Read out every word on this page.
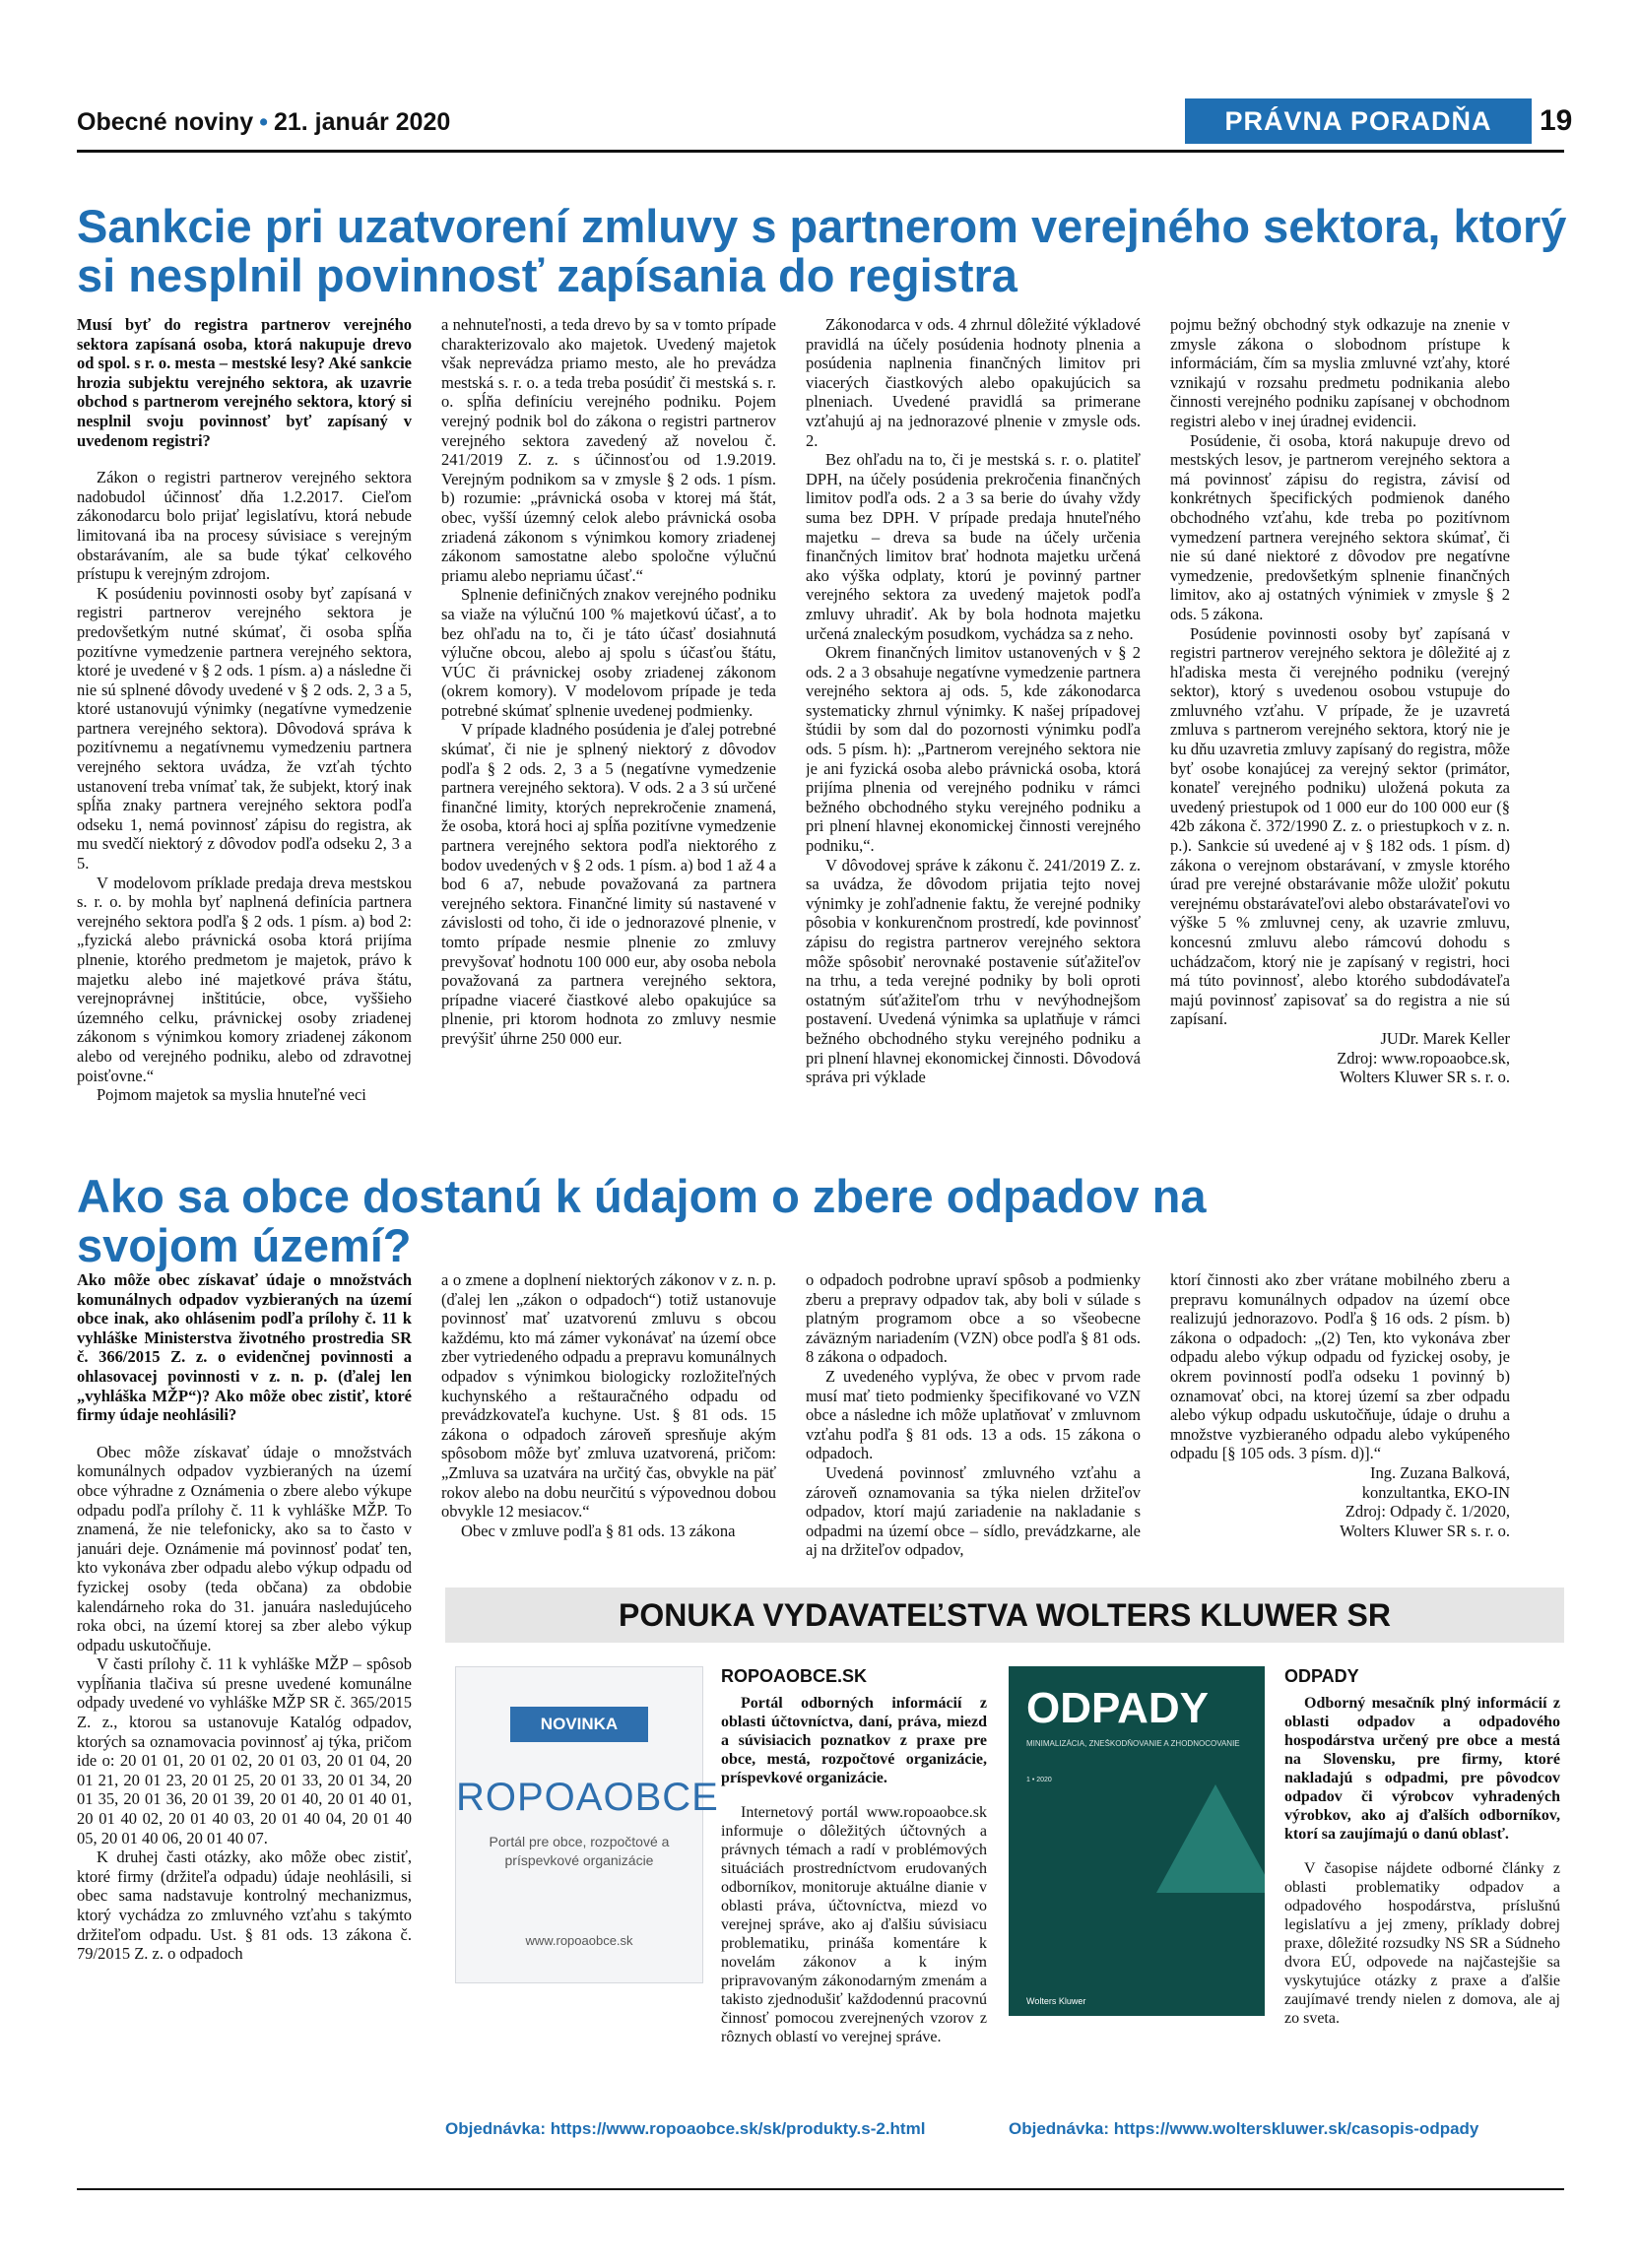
Obecné noviny • 21. január 2020	PRÁVNA PORADŇA	19
Sankcie pri uzatvorení zmluvy s partnerom verejného sektora, ktorý si nesplnil povinnosť zapísania do registra

Musí byť do registra partnerov verejného sektora zapísaná osoba, ktorá nakupuje drevo od spol. s r. o. mesta – mestské lesy? Aké sankcie hrozia subjektu verejného sektora, ak uzavrie obchod s partnerom verejného sektora, ktorý si nesplnil svoju povinnosť byť zapísaný v uvedenom registri?

Zákon o registri partnerov verejného sektora nadobudol účinnosť dňa 1.2.2017. Cieľom zákonodarcu bolo prijať legislatívu, ktorá nebude limitovaná iba na procesy súvisiace s verejným obstarávaním, ale sa bude týkať celkového prístupu k verejným zdrojom.

K posúdeniu povinnosti osoby byť zapísaná v registri partnerov verejného sektora je predovšetkým nutné skúmať, či osoba spĺňa pozitívne vymedzenie partnera verejného sektora, ktoré je uvedené v § 2 ods. 1 písm. a) a následne či nie sú splnené dôvody uvedené v § 2 ods. 2, 3 a 5, ktoré ustanovujú výnimky (negatívne vymedzenie partnera verejného sektora). Dôvodová správa k pozitívnemu a negatívnemu vymedzeniu partnera verejného sektora uvádza, že vzťah týchto ustanovení treba vnímať tak, že subjekt, ktorý inak spĺňa znaky partnera verejného sektora podľa odseku 1, nemá povinnosť zápisu do registra, ak mu svedčí niektorý z dôvodov podľa odseku 2, 3 a 5.

V modelovom príklade predaja dreva mestskou s. r. o. by mohla byť naplnená definícia partnera verejného sektora podľa § 2 ods. 1 písm. a) bod 2: „fyzická alebo právnická osoba ktorá prijíma plnenie, ktorého predmetom je majetok, právo k majetku alebo iné majetkové práva štátu, verejnoprávnej inštitúcie, obce, vyššieho územného celku, právnickej osoby zriadenej zákonom s výnimkou komory zriadenej zákonom alebo od verejného podniku, alebo od zdravotnej poisťovne.“

Pojmom majetok sa myslia hnuteľné veci

a nehnuteľnosti, a teda drevo by sa v tomto prípade charakterizovalo ako majetok. Uvedený majetok však neprevádza priamo mesto, ale ho prevádza mestská s. r. o. a teda treba posúdiť či mestská s. r. o. spĺňa definíciu verejného podniku. Pojem verejný podnik bol do zákona o registri partnerov verejného sektora zavedený až novelou č. 241/2019 Z. z. s účinnosťou od 1.9.2019. Verejným podnikom sa v zmysle § 2 ods. 1 písm. b) rozumie: „právnická osoba v ktorej má štát, obec, vyšší územný celok alebo právnická osoba zriadená zákonom s výnimkou komory zriadenej zákonom samostatne alebo spoločne výlučnú priamu alebo nepriamu účasť.“

Splnenie definičných znakov verejného podniku sa viaže na výlučnú 100 % majetkovú účasť, a to bez ohľadu na to, či je táto účasť dosiahnutá výlučne obcou, alebo aj spolu s účasťou štátu, VÚC či právnickej osoby zriadenej zákonom (okrem komory). V modelovom prípade je teda potrebné skúmať splnenie uvedenej podmienky.

V prípade kladného posúdenia je ďalej potrebné skúmať, či nie je splnený niektorý z dôvodov podľa § 2 ods. 2, 3 a 5 (negatívne vymedzenie partnera verejného sektora). V ods. 2 a 3 sú určené finančné limity, ktorých neprekročenie znamená, že osoba, ktorá hoci aj spĺňa pozitívne vymedzenie partnera verejného sektora podľa niektorého z bodov uvedených v § 2 ods. 1 písm. a) bod 1 až 4 a bod 6 a7, nebude považovaná za partnera verejného sektora. Finančné limity sú nastavené v závislosti od toho, či ide o jednorazové plnenie, v tomto prípade nesmie plnenie zo zmluvy prevyšovať hodnotu 100 000 eur, aby osoba nebola považovaná za partnera verejného sektora, prípadne viaceré čiastkové alebo opakujúce sa plnenie, pri ktorom hodnota zo zmluvy nesmie prevýšiť úhrne 250 000 eur.

Zákonodarca v ods. 4 zhrnul dôležité výkladové pravidlá na účely posúdenia hodnoty plnenia a posúdenia naplnenia finančných limitov pri viacerých čiastkových alebo opakujúcich sa plneniach. Uvedené pravidlá sa primerane vzťahujú aj na jednorazové plnenie v zmysle ods. 2.

Bez ohľadu na to, či je mestská s. r. o. platiteľ DPH, na účely posúdenia prekročenia finančných limitov podľa ods. 2 a 3 sa berie do úvahy vždy suma bez DPH. V prípade predaja hnuteľného majetku – dreva sa bude na účely určenia finančných limitov brať hodnota majetku určená ako výška odplaty, ktorú je povinný partner verejného sektora za uvedený majetok podľa zmluvy uhradiť. Ak by bola hodnota majetku určená znaleckým posudkom, vychádza sa z neho.

Okrem finančných limitov ustanovených v § 2 ods. 2 a 3 obsahuje negatívne vymedzenie partnera verejného sektora aj ods. 5, kde zákonodarca systematicky zhrnul výnimky. K našej prípadovej štúdii by som dal do pozornosti výnimku podľa ods. 5 písm. h): „Partnerom verejného sektora nie je ani fyzická osoba alebo právnická osoba, ktorá prijíma plnenia od verejného podniku v rámci bežného obchodného styku verejného podniku a pri plnení hlavnej ekonomickej činnosti verejného podniku,“.

V dôvodovej správe k zákonu č. 241/2019 Z. z. sa uvádza, že dôvodom prijatia tejto novej výnimky je zohľadnenie faktu, že verejné podniky pôsobia v konkurenčnom prostredí, kde povinnosť zápisu do registra partnerov verejného sektora môže spôsobiť nerovnaké postavenie súťažiteľov na trhu, a teda verejné podniky by boli oproti ostatným súťažiteľom trhu v nevýhodnejšom postavení. Uvedená výnimka sa uplatňuje v rámci bežného obchodného styku verejného podniku a pri plnení hlavnej ekonomickej činnosti. Dôvodová správa pri výklade

pojmu bežný obchodný styk odkazuje na znenie v zmysle zákona o slobodnom prístupe k informáciám, čím sa myslia zmluvné vzťahy, ktoré vznikajú v rozsahu predmetu podnikania alebo činnosti verejného podniku zapísanej v obchodnom registri alebo v inej úradnej evidencii.

Posúdenie, či osoba, ktorá nakupuje drevo od mestských lesov, je partnerom verejného sektora a má povinnosť zápisu do registra, závisí od konkrétnych špecifických podmienok daného obchodného vzťahu, kde treba po pozitívnom vymedzení partnera verejného sektora skúmať, či nie sú dané niektoré z dôvodov pre negatívne vymedzenie, predovšetkým splnenie finančných limitov, ako aj ostatných výnimiek v zmysle § 2 ods. 5 zákona.

Posúdenie povinnosti osoby byť zapísaná v registri partnerov verejného sektora je dôležité aj z hľadiska mesta či verejného podniku (verejný sektor), ktorý s uvedenou osobou vstupuje do zmluvného vzťahu. V prípade, že je uzavretá zmluva s partnerom verejného sektora, ktorý nie je ku dňu uzavretia zmluvy zapísaný do registra, môže byť osobe konajúcej za verejný sektor (primátor, konateľ verejného podniku) uložená pokuta za uvedený priestupok od 1 000 eur do 100 000 eur (§ 42b zákona č. 372/1990 Z. z. o priestupkoch v z. n. p.). Sankcie sú uvedené aj v § 182 ods. 1 písm. d) zákona o verejnom obstarávaní, v zmysle ktorého úrad pre verejné obstarávanie môže uložiť pokutu verejnému obstarávateľovi alebo obstarávateľovi vo výške 5 % zmluvnej ceny, ak uzavrie zmluvu, koncesnú zmluvu alebo rámcovú dohodu s uchádzačom, ktorý nie je zapísaný v registri, hoci má túto povinnosť, alebo ktorého subdodávateľa majú povinnosť zapisovať sa do registra a nie sú zapísaní.

JUDr. Marek Keller

Zdroj: www.ropoaobce.sk,

Wolters Kluwer SR s. r. o.

Ako sa obce dostanú k údajom o zbere odpadov na svojom území?

Ako môže obec získavať údaje o množstvách komunálnych odpadov vyzbieraných na území obce inak, ako ohlásenim podľa prílohy č. 11 k vyhláške Ministerstva životného prostredia SR č. 366/2015 Z. z. o evidenčnej povinnosti a ohlasovacej povinnosti v z. n. p. (ďalej len „vyhláška MŽP“)? Ako môže obec zistiť, ktoré firmy údaje neohlásili?

Obec môže získavať údaje o množstvách komunálnych odpadov vyzbieraných na území obce výhradne z Oznámenia o zbere alebo výkupe odpadu podľa prílohy č. 11 k vyhláške MŽP. To znamená, že nie telefonicky, ako sa to často v januári deje. Oznámenie má povinnosť podať ten, kto vykonáva zber odpadu alebo výkup odpadu od fyzickej osoby (teda občana) za obdobie kalendárneho roka do 31. januára nasledujúceho roka obci, na území ktorej sa zber alebo výkup odpadu uskutočňuje.

V časti prílohy č. 11 k vyhláške MŽP – spôsob vypĺňania tlačiva sú presne uvedené komunálne odpady uvedené vo vyhláške MŽP SR č. 365/2015 Z. z., ktorou sa ustanovuje Katalóg odpadov, ktorých sa oznamovacia povinnosť aj týka, pričom ide o: 20 01 01, 20 01 02, 20 01 03, 20 01 04, 20 01 21, 20 01 23, 20 01 25, 20 01 33, 20 01 34, 20 01 35, 20 01 36, 20 01 39, 20 01 40, 20 01 40 01, 20 01 40 02, 20 01 40 03, 20 01 40 04, 20 01 40 05, 20 01 40 06, 20 01 40 07.

K druhej časti otázky, ako môže obec zistiť, ktoré firmy (držiteľa odpadu) údaje neohlásili, si obec sama nadstavuje kontrolný mechanizmus, ktorý vychádza zo zmluvného vzťahu s takýmto držiteľom odpadu. Ust. § 81 ods. 13 zákona č. 79/2015 Z. z. o odpadoch

a o zmene a doplnení niektorých zákonov v z. n. p. (ďalej len „zákon o odpadoch“) totiž ustanovuje povinnosť mať uzatvorenú zmluvu s obcou každému, kto má zámer vykonávať na území obce zber vytriedeného odpadu a prepravu komunálnych odpadov s výnimkou biologicky rozložiteľných kuchynského a reštauračného odpadu od prevádzkovateľa kuchyne. Ust. § 81 ods. 15 zákona o odpadoch zároveň spresňuje akým spôsobom môže byť zmluva uzatvorená, pričom: „Zmluva sa uzatvára na určitý čas, obvykle na päť rokov alebo na dobu neurčitú s výpovednou dobou obvykle 12 mesiacov.“

Obec v zmluve podľa § 81 ods. 13 zákona

o odpadoch podrobne upraví spôsob a podmienky zberu a prepravy odpadov tak, aby boli v súlade s platným programom obce a so všeobecne záväzným nariadením (VZN) obce podľa § 81 ods. 8 zákona o odpadoch.

Z uvedeného vyplýva, že obec v prvom rade musí mať tieto podmienky špecifikované vo VZN obce a následne ich môže uplatňovať v zmluvnom vzťahu podľa § 81 ods. 13 a ods. 15 zákona o odpadoch.

Uvedená povinnosť zmluvného vzťahu a zároveň oznamovania sa týka nielen držiteľov odpadov, ktorí majú zariadenie na nakladanie s odpadmi na území obce – sídlo, prevádzkarne, ale aj na držiteľov odpadov,

ktorí činnosti ako zber vrátane mobilného zberu a prepravu komunálnych odpadov na území obce realizujú jednorazovo. Podľa § 16 ods. 2 písm. b) zákona o odpadoch: „(2) Ten, kto vykonáva zber odpadu alebo výkup odpadu od fyzickej osoby, je okrem povinností podľa odseku 1 povinný b) oznamovať obci, na ktorej území sa zber odpadu alebo výkup odpadu uskutočňuje, údaje o druhu a množstve vyzbieraného odpadu alebo vykúpeného odpadu [§ 105 ods. 3 písm. d)].“

Ing. Zuzana Balková,

konzultantka, EKO-IN

Zdroj: Odpady č. 1/2020,

Wolters Kluwer SR s. r. o.

PONUKA VYDAVATEĽSTVA WOLTERS KLUWER SR
NOVINKA
ROPOAOBCE
Portál pre obce, rozpočtové a príspevkové organizácie
www.ropoaobce.sk
ROPOAOBCE.SK

Portál odborných informácií z oblasti účtovníctva, daní, práva, miezd a súvisiacich poznatkov z praxe pre obce, mestá, rozpočtové organizácie, príspevkové organizácie.

Internetový portál www.ropoaobce.sk informuje o dôležitých účtovných a právnych témach a radí v problémových situáciách prostredníctvom erudovaných odborníkov, monitoruje aktuálne dianie v oblasti práva, účtovníctva, miezd vo verejnej správe, ako aj ďalšiu súvisiacu problematiku, prináša komentáre k novelám zákonov a k iným pripravovaným zákonodarným zmenám a takisto zjednodušiť každodennú pracovnú činnosť pomocou zverejnených vzorov z rôznych oblastí vo verejnej správe.

Objednávka: https://www.ropoaobce.sk/sk/produkty.s-2.html
ODPADY
MINIMALIZÁCIA, ZNEŠKODŇOVANIE A ZHODNOCOVANIE
1 • 2020
Wolters Kluwer
ODPADY

Odborný mesačník plný informácií z oblasti odpadov a odpadového hospodárstva určený pre obce a mestá na Slovensku, pre firmy, ktoré nakladajú s odpadmi, pre pôvodcov odpadov či výrobcov vyhradených výrobkov, ako aj ďalších odborníkov, ktorí sa zaujímajú o danú oblasť.

V časopise nájdete odborné články z oblasti problematiky odpadov a odpadového hospodárstva, príslušnú legislatívu a jej zmeny, príklady dobrej praxe, dôležité rozsudky NS SR a Súdneho dvora EÚ, odpovede na najčastejšie sa vyskytujúce otázky z praxe a ďalšie zaujímavé trendy nielen z domova, ale aj zo sveta.

Objednávka: https://www.wolterskluwer.sk/casopis-odpady
